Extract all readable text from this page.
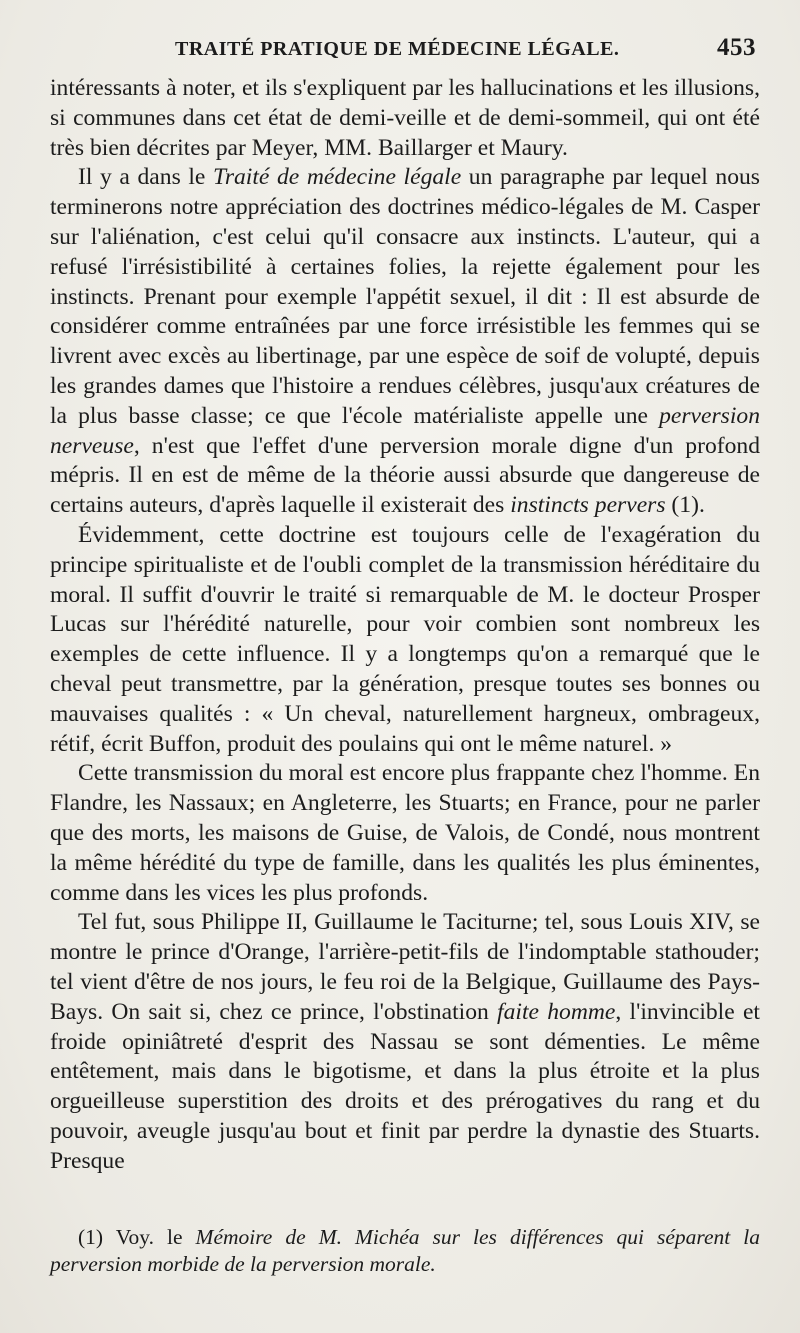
TRAITÉ PRATIQUE DE MÉDECINE LÉGALE.	453

intéressants à noter, et ils s'expliquent par les hallucinations et les illusions, si communes dans cet état de demi-veille et de demi-sommeil, qui ont été très bien décrites par Meyer, MM. Baillarger et Maury.

Il y a dans le Traité de médecine légale un paragraphe par lequel nous terminerons notre appréciation des doctrines médico-légales de M. Casper sur l'aliénation, c'est celui qu'il consacre aux instincts. L'auteur, qui a refusé l'irrésistibilité à certaines folies, la rejette également pour les instincts. Prenant pour exemple l'appétit sexuel, il dit : Il est absurde de considérer comme entraînées par une force irrésistible les femmes qui se livrent avec excès au libertinage, par une espèce de soif de volupté, depuis les grandes dames que l'histoire a rendues célèbres, jusqu'aux créatures de la plus basse classe; ce que l'école matérialiste appelle une perversion nerveuse, n'est que l'effet d'une perversion morale digne d'un profond mépris. Il en est de même de la théorie aussi absurde que dangereuse de certains auteurs, d'après laquelle il existerait des instincts pervers (1).

Évidemment, cette doctrine est toujours celle de l'exagération du principe spiritualiste et de l'oubli complet de la transmission héréditaire du moral. Il suffit d'ouvrir le traité si remarquable de M. le docteur Prosper Lucas sur l'hérédité naturelle, pour voir combien sont nombreux les exemples de cette influence. Il y a longtemps qu'on a remarqué que le cheval peut transmettre, par la génération, presque toutes ses bonnes ou mauvaises qualités : « Un cheval, naturellement hargneux, ombrageux, rétif, écrit Buffon, produit des poulains qui ont le même naturel. »

Cette transmission du moral est encore plus frappante chez l'homme. En Flandre, les Nassaux; en Angleterre, les Stuarts; en France, pour ne parler que des morts, les maisons de Guise, de Valois, de Condé, nous montrent la même hérédité du type de famille, dans les qualités les plus éminentes, comme dans les vices les plus profonds.

Tel fut, sous Philippe II, Guillaume le Taciturne; tel, sous Louis XIV, se montre le prince d'Orange, l'arrière-petit-fils de l'indomptable stathouder; tel vient d'être de nos jours, le feu roi de la Belgique, Guillaume des Pays-Bays. On sait si, chez ce prince, l'obstination faite homme, l'invincible et froide opiniâtreté d'esprit des Nassau se sont démenties. Le même entêtement, mais dans le bigotisme, et dans la plus étroite et la plus orgueilleuse superstition des droits et des prérogatives du rang et du pouvoir, aveugle jusqu'au bout et finit par perdre la dynastie des Stuarts. Presque

(1) Voy. le Mémoire de M. Michéa sur les différences qui séparent la perversion morbide de la perversion morale.
